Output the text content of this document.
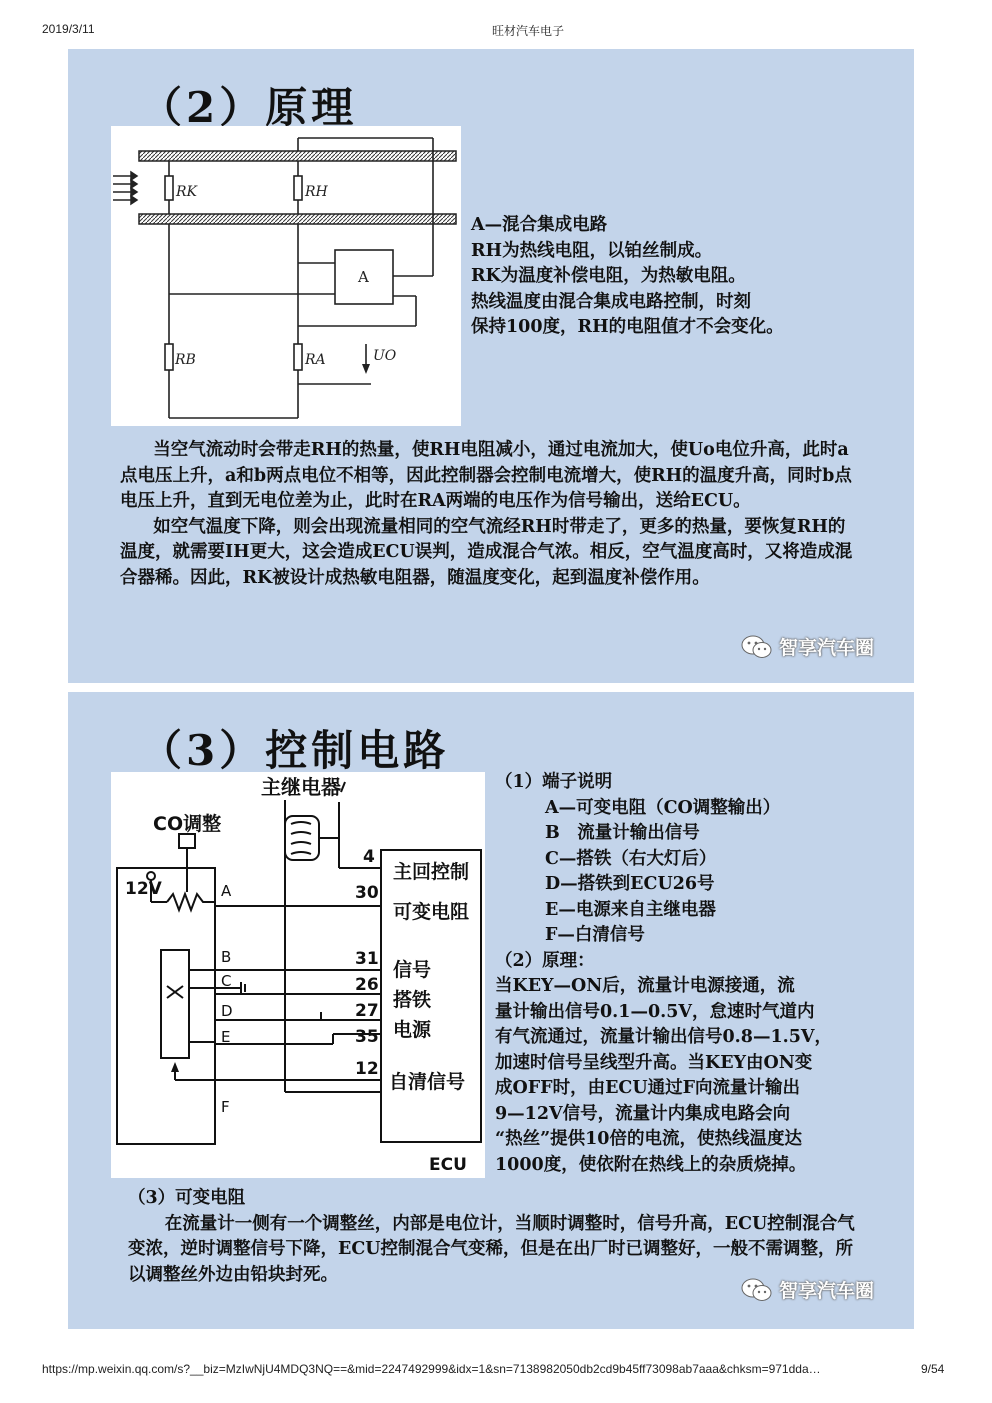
2019/3/11	旺材汽车电子
（2）原理
RK	RH
RB	RA
A
UO
A—混合集成电路
RH为热线电阻，以铂丝制成。
RK为温度补偿电阻，为热敏电阻。
热线温度由混合集成电路控制，时刻
保持100度，RH的电阻值才不会变化。

当空气流动时会带走RH的热量，使RH电阻减小，通过电流加大，使Uo电位升高，此时a点电压上升，a和b两点电位不相等，因此控制器会控制电流增大，使RH的温度升高，同时b点电压上升，直到无电位差为止，此时在RA两端的电压作为信号输出，送给ECU。

如空气温度下降，则会出现流量相同的空气流经RH时带走了，更多的热量，要恢复RH的温度，就需要IH更大，这会造成ECU误判，造成混合气浓。相反，空气温度高时，又将造成混合器稀。因此，RK被设计成热敏电阻器，随温度变化，起到温度补偿作用。

智享汽车圈
（3）控制电路
主继电器
CO调整
12V	A
B
C
D
E
F
4
30
31
26
27
35
12
主回控制
可变电阻
信号
搭铁
电源
自清信号
ECU
（1）端子说明
A—可变电阻（CO调整输出）
B　流量计输出信号
C—搭铁（右大灯后）
D—搭铁到ECU26号
E—电源来自主继电器
F—白清信号
（2）原理：
当KEY—ON后，流量计电源接通，流
量计输出信号0.1—0.5V，怠速时气道内
有气流通过，流量计输出信号0.8—1.5V，
加速时信号呈线型升高。当KEY由ON变
成OFF时，由ECU通过F向流量计输出
9—12V信号，流量计内集成电路会向
“热丝”提供10倍的电流，使热线温度达
1000度，使依附在热线上的杂质烧掉。
（3）可变电阻

在流量计一侧有一个调整丝，内部是电位计，当顺时调整时，信号升高，ECU控制混合气变浓，逆时调整信号下降，ECU控制混合气变稀，但是在出厂时已调整好，一般不需调整，所以调整丝外边由铅块封死。

智享汽车圈
https://mp.weixin.qq.com/s?__biz=MzIwNjU4MDQ3NQ==&mid=2247492999&idx=1&sn=7138982050db2cd9b45ff73098ab7aaa&chksm=971dda…	9/54
